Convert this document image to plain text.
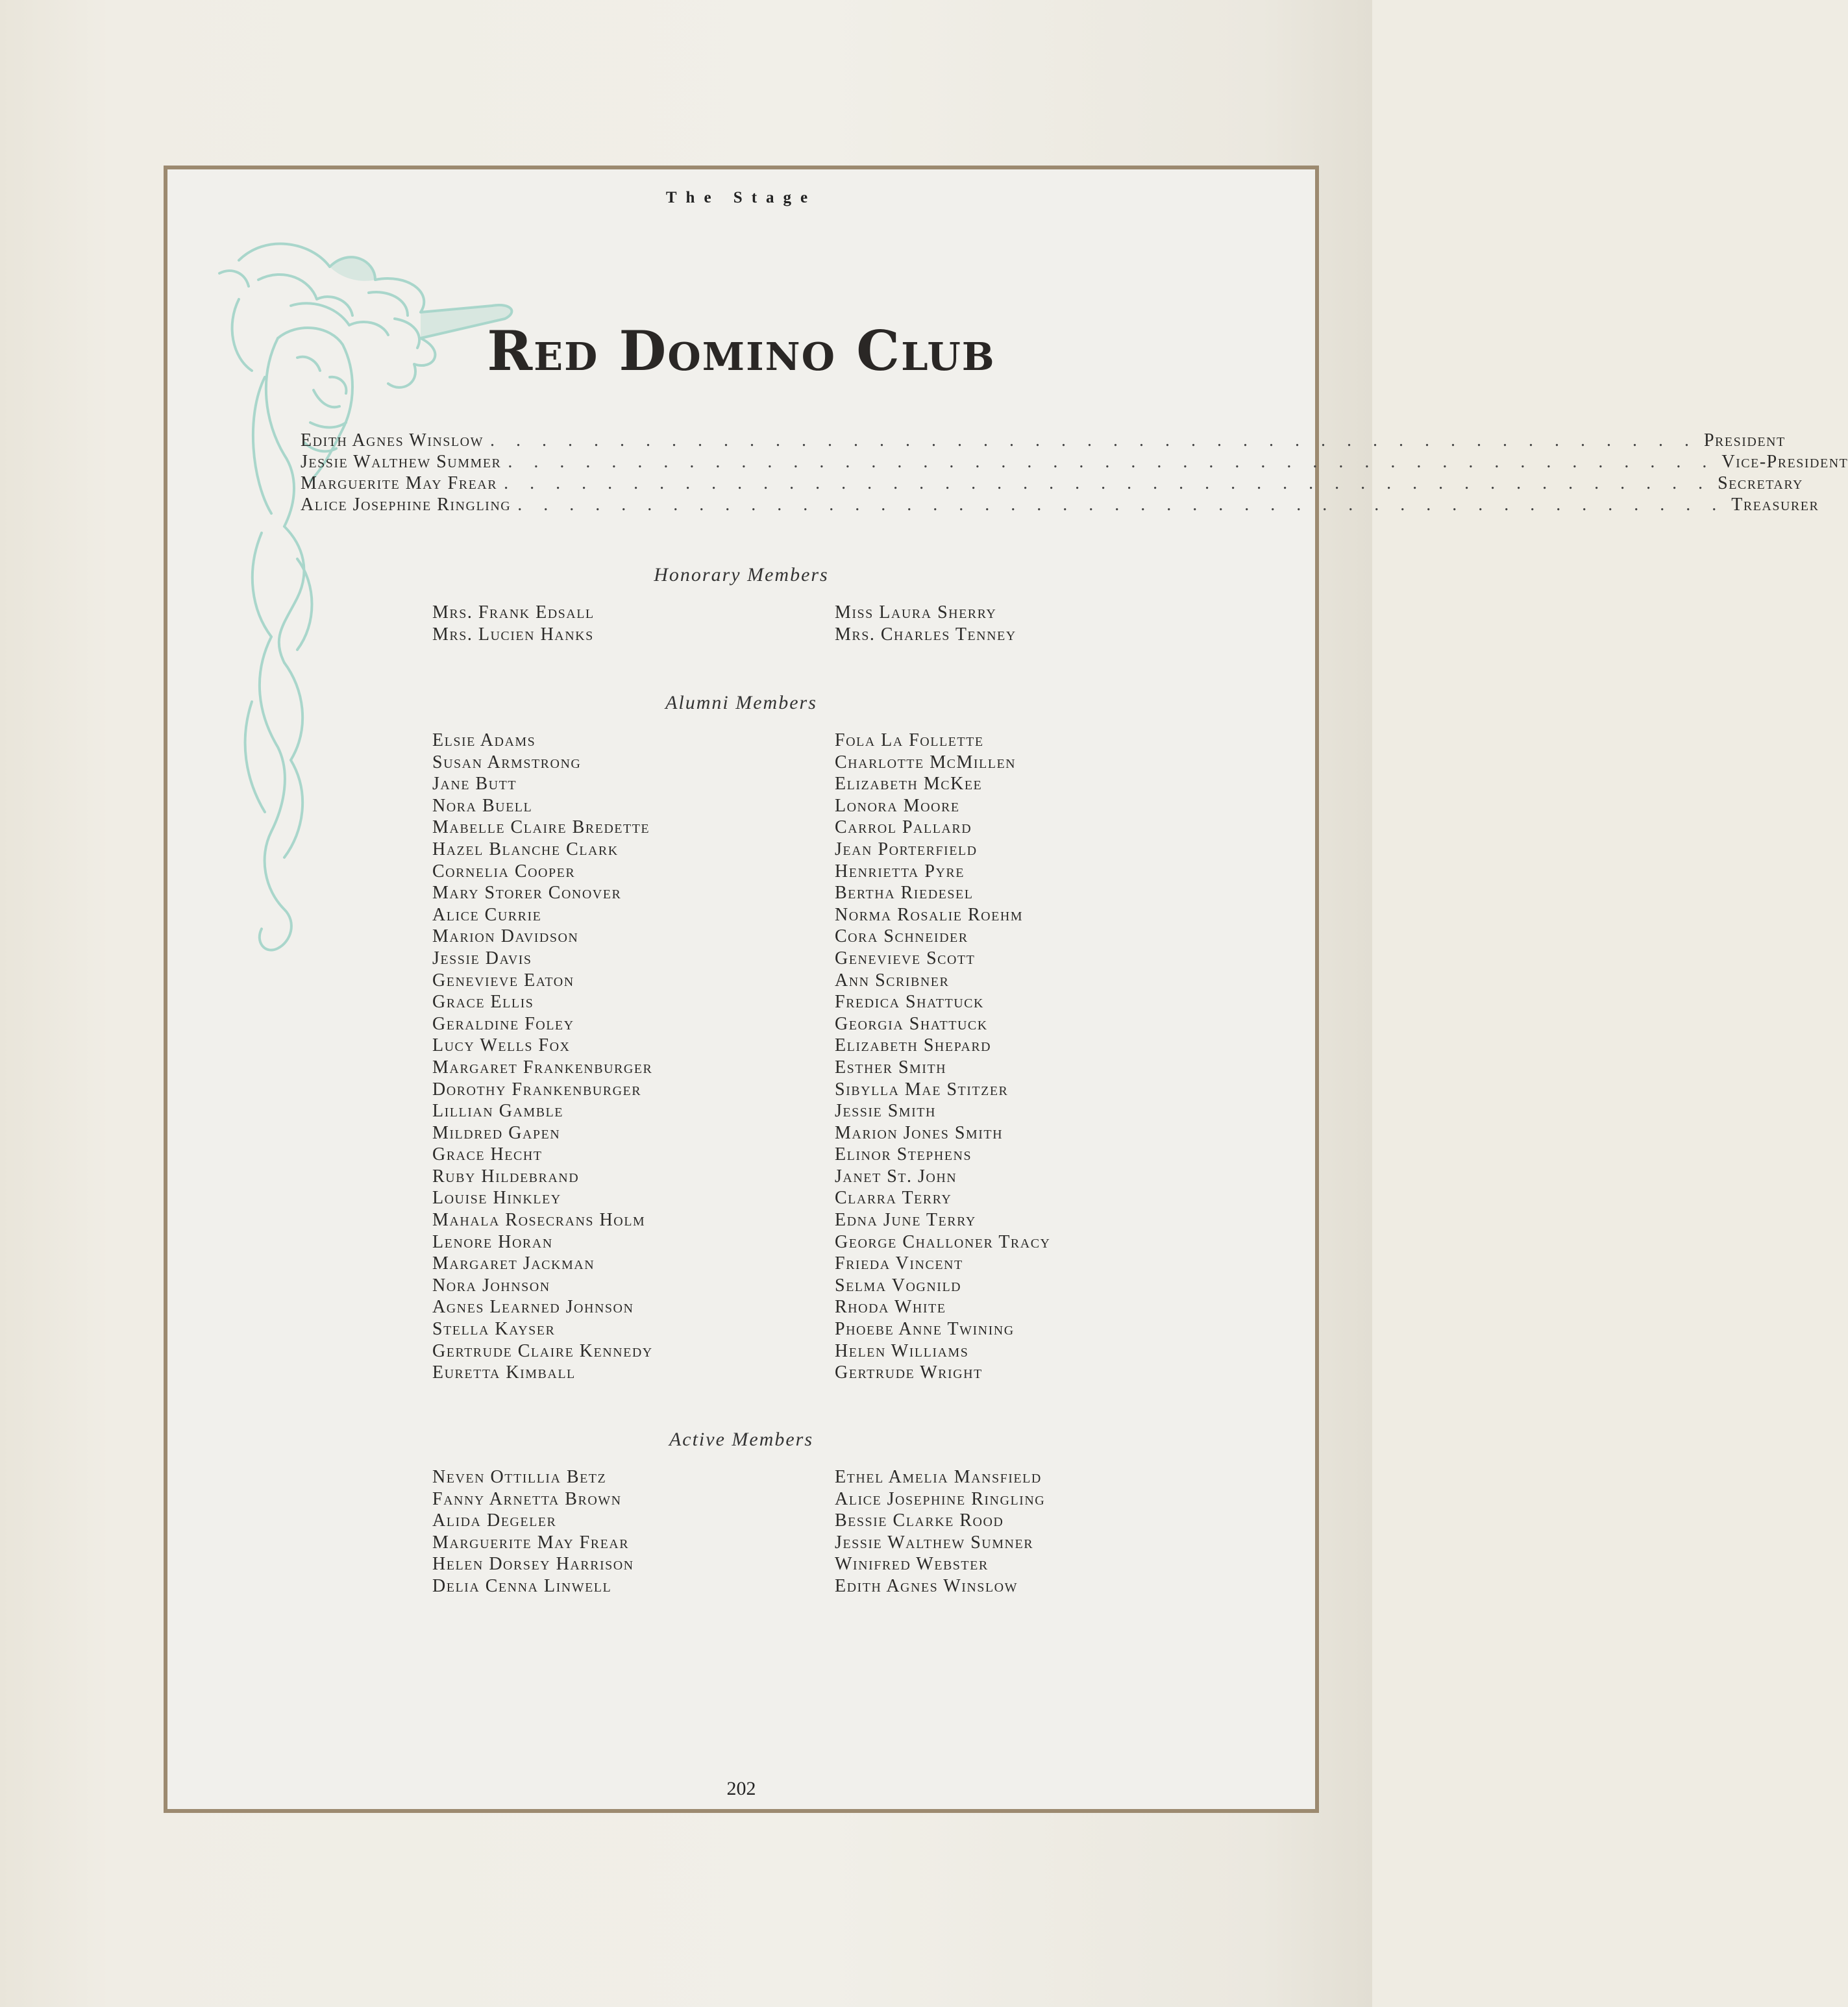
The Stage
Red Domino Club
Edith Agnes Winslow . . . . . . . . . . . . . . . . . . . . . . . . . . . . . . . . . . . . . . . . . . . . . . . President
Jessie Walthew Summer . . . . . . . . . . . . . . . . . . . . . . . . . . . . . . . . . . . . . . . . . . . . . . . Vice-President
Marguerite May Frear . . . . . . . . . . . . . . . . . . . . . . . . . . . . . . . . . . . . . . . . . . . . . . . Secretary
Alice Josephine Ringling . . . . . . . . . . . . . . . . . . . . . . . . . . . . . . . . . . . . . . . . . . . . . . . Treasurer
Honorary Members
Mrs. Frank Edsall
Mrs. Lucien Hanks
Miss Laura Sherry
Mrs. Charles Tenney
Alumni Members
Elsie Adams
Susan Armstrong
Jane Butt
Nora Buell
Mabelle Claire Bredette
Hazel Blanche Clark
Cornelia Cooper
Mary Storer Conover
Alice Currie
Marion Davidson
Jessie Davis
Genevieve Eaton
Grace Ellis
Geraldine Foley
Lucy Wells Fox
Margaret Frankenburger
Dorothy Frankenburger
Lillian Gamble
Mildred Gapen
Grace Hecht
Ruby Hildebrand
Louise Hinkley
Mahala Rosecrans Holm
Lenore Horan
Margaret Jackman
Nora Johnson
Agnes Learned Johnson
Stella Kayser
Gertrude Claire Kennedy
Euretta Kimball
Fola La Follette
Charlotte McMillen
Elizabeth McKee
Lonora Moore
Carrol Pallard
Jean Porterfield
Henrietta Pyre
Bertha Riedesel
Norma Rosalie Roehm
Cora Schneider
Genevieve Scott
Ann Scribner
Fredica Shattuck
Georgia Shattuck
Elizabeth Shepard
Esther Smith
Sibylla Mae Stitzer
Jessie Smith
Marion Jones Smith
Elinor Stephens
Janet St. John
Clarra Terry
Edna June Terry
George Challoner Tracy
Frieda Vincent
Selma Vognild
Rhoda White
Phoebe Anne Twining
Helen Williams
Gertrude Wright
Active Members
Neven Ottillia Betz
Fanny Arnetta Brown
Alida Degeler
Marguerite May Frear
Helen Dorsey Harrison
Delia Cenna Linwell
Ethel Amelia Mansfield
Alice Josephine Ringling
Bessie Clarke Rood
Jessie Walthew Sumner
Winifred Webster
Edith Agnes Winslow
202
